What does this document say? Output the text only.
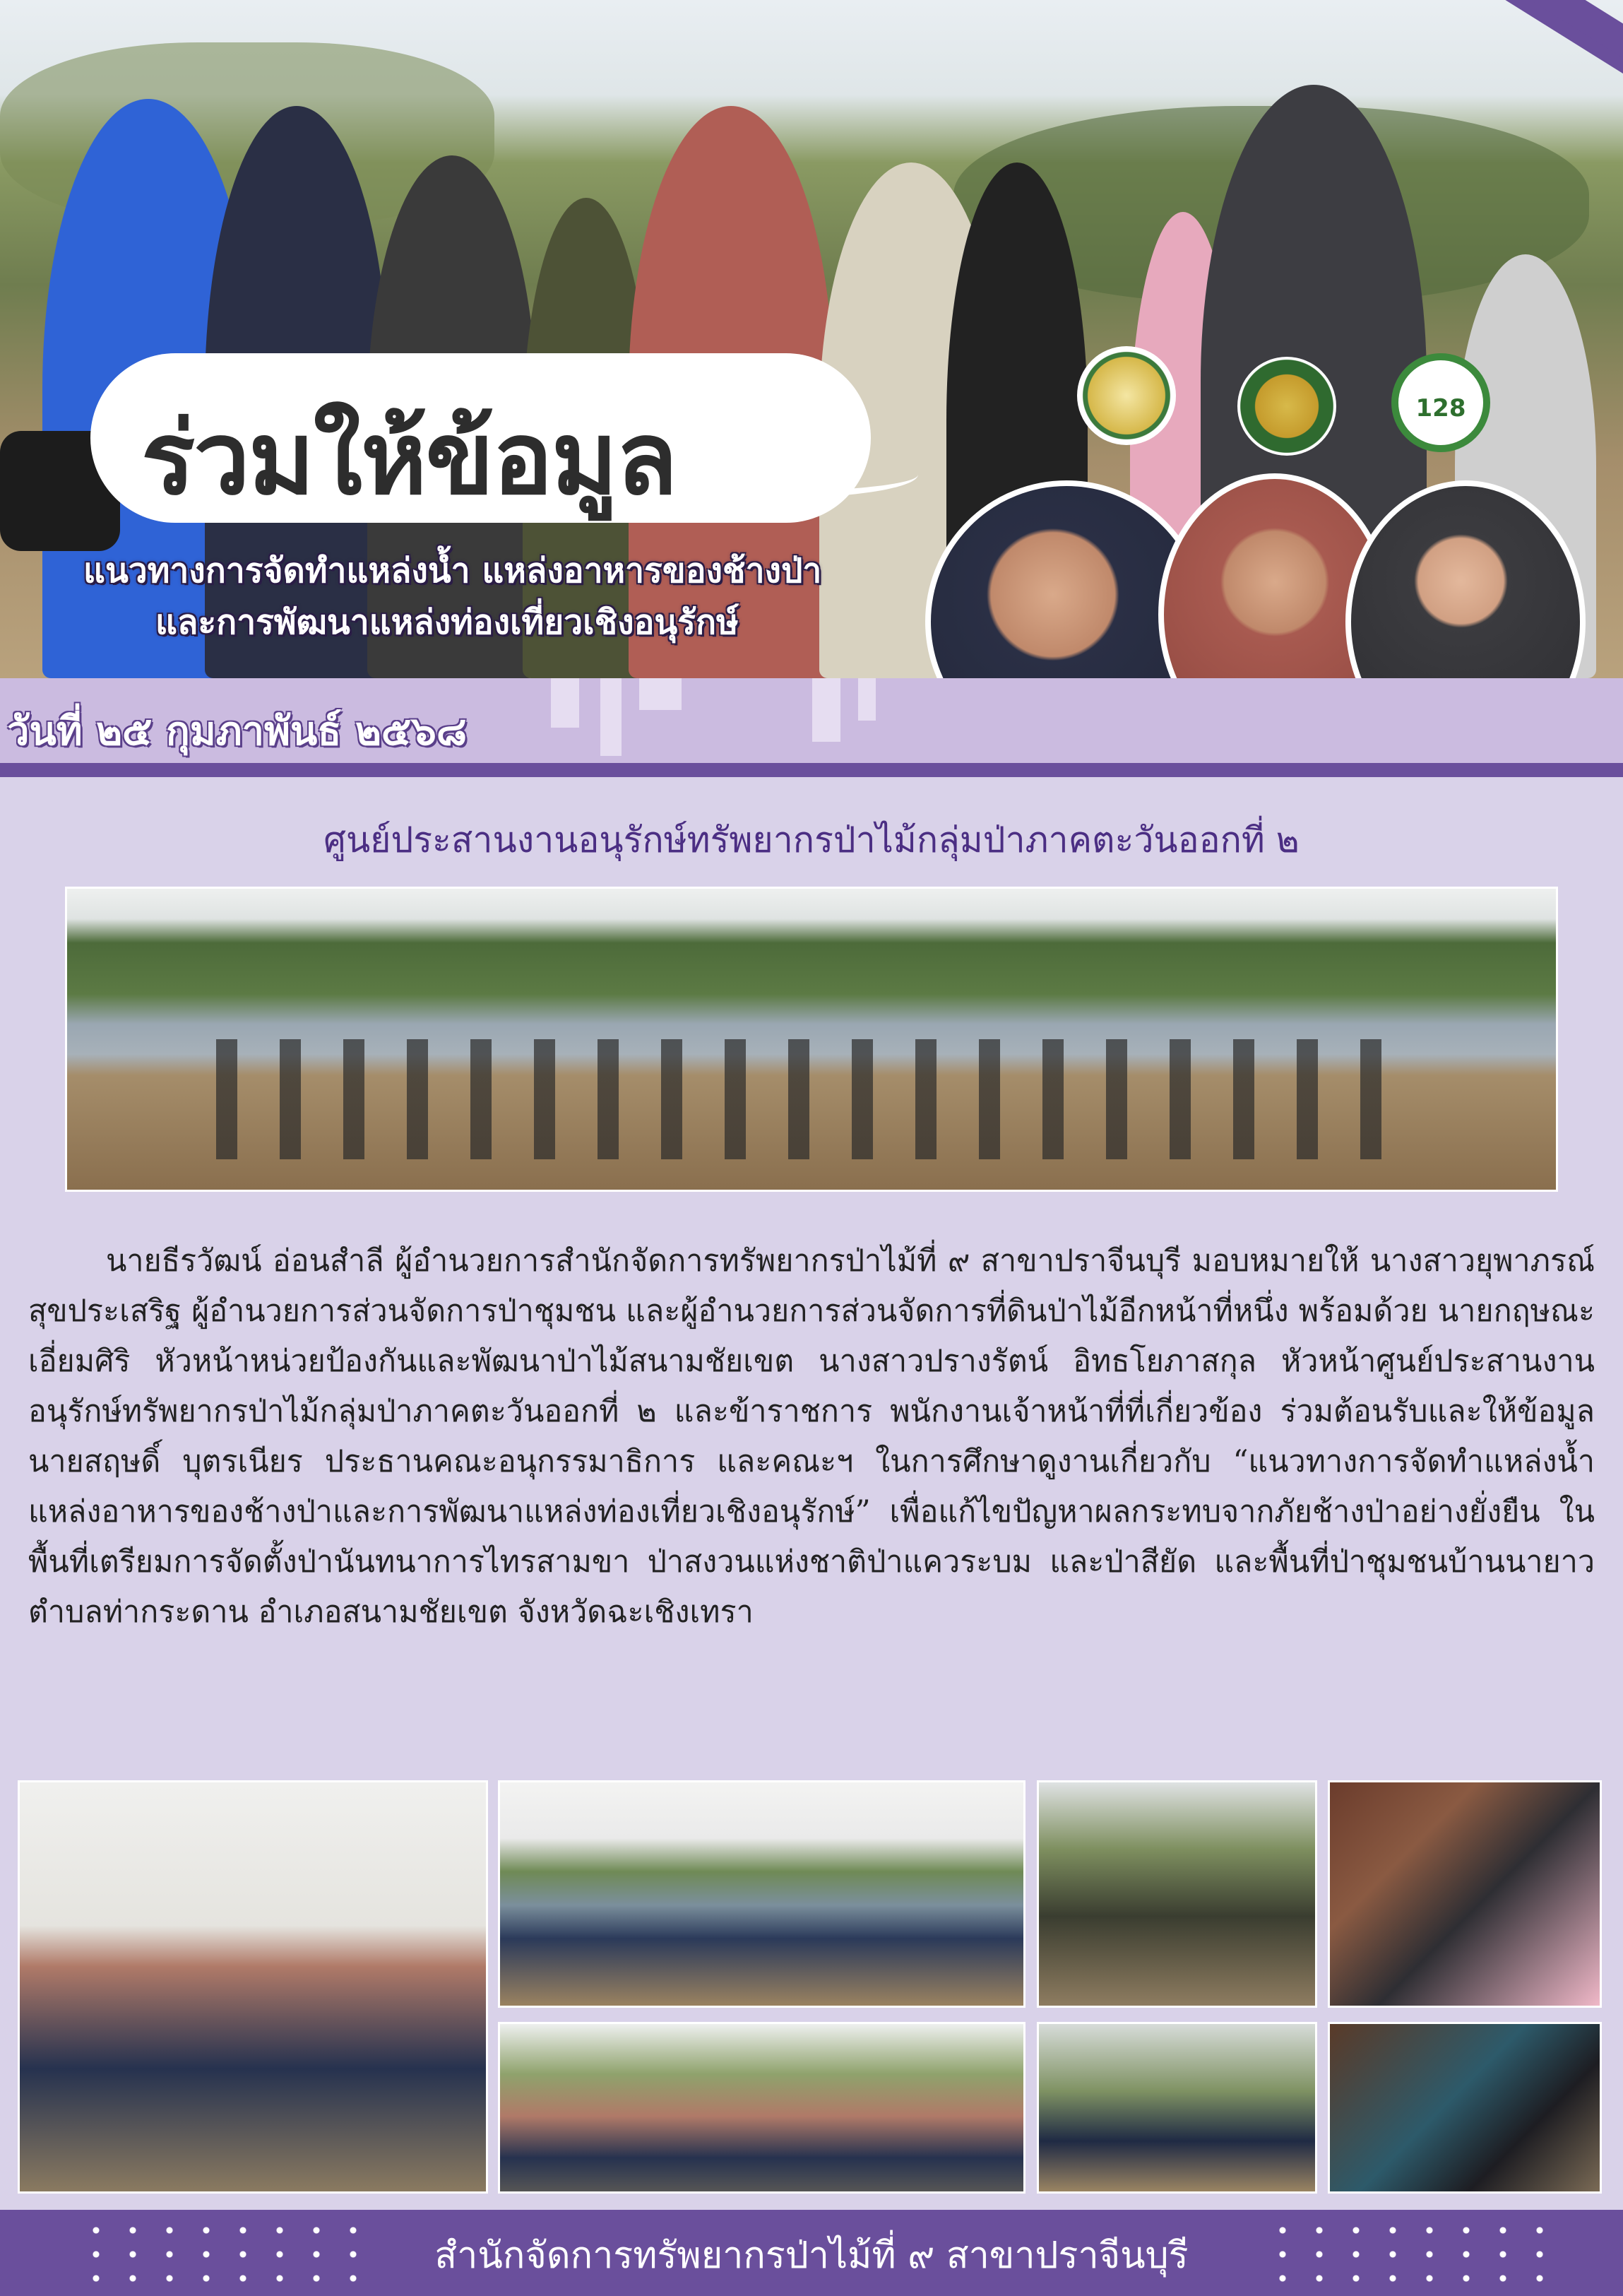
ร่วมให้ข้อมูล
แนวทางการจัดทำแหล่งน้ำ แหล่งอาหารของช้างป่า
และการพัฒนาแหล่งท่องเที่ยวเชิงอนุรักษ์
128
วันที่ ๒๕ กุมภาพันธ์ ๒๕๖๘
ศูนย์ประสานงานอนุรักษ์ทรัพยากรป่าไม้กลุ่มป่าภาคตะวันออกที่ ๒
นายธีรวัฒน์ อ่อนสำลี ผู้อำนวยการสำนักจัดการทรัพยากรป่าไม้ที่ ๙ สาขาปราจีนบุรี มอบหมายให้ นางสาวยุพาภรณ์ สุขประเสริฐ ผู้อำนวยการส่วนจัดการป่าชุมชน และผู้อำนวยการส่วนจัดการที่ดินป่าไม้อีกหน้าที่หนึ่ง พร้อมด้วย นายกฤษณะ เอี่ยมศิริ หัวหน้าหน่วยป้องกันและพัฒนาป่าไม้สนามชัยเขต นางสาวปรางรัตน์ อิทธโยภาสกุล หัวหน้าศูนย์ประสานงานอนุรักษ์ทรัพยากรป่าไม้กลุ่มป่าภาคตะวันออกที่ ๒ และข้าราชการ พนักงานเจ้าหน้าที่ที่เกี่ยวข้อง ร่วมต้อนรับและให้ข้อมูล นายสฤษดิ์ บุตรเนียร ประธานคณะอนุกรรมาธิการ และคณะฯ ในการศึกษาดูงานเกี่ยวกับ “แนวทางการจัดทำแหล่งน้ำ แหล่งอาหารของช้างป่าและการพัฒนาแหล่งท่องเที่ยวเชิงอนุรักษ์” เพื่อแก้ไขปัญหาผลกระทบจากภัยช้างป่าอย่างยั่งยืน ในพื้นที่เตรียมการจัดตั้งป่านันทนาการไทรสามขา ป่าสงวนแห่งชาติป่าแควระบม และป่าสียัด และพื้นที่ป่าชุมชนบ้านนายาว ตำบลท่ากระดาน อำเภอสนามชัยเขต จังหวัดฉะเชิงเทรา
สำนักจัดการทรัพยากรป่าไม้ที่ ๙ สาขาปราจีนบุรี
